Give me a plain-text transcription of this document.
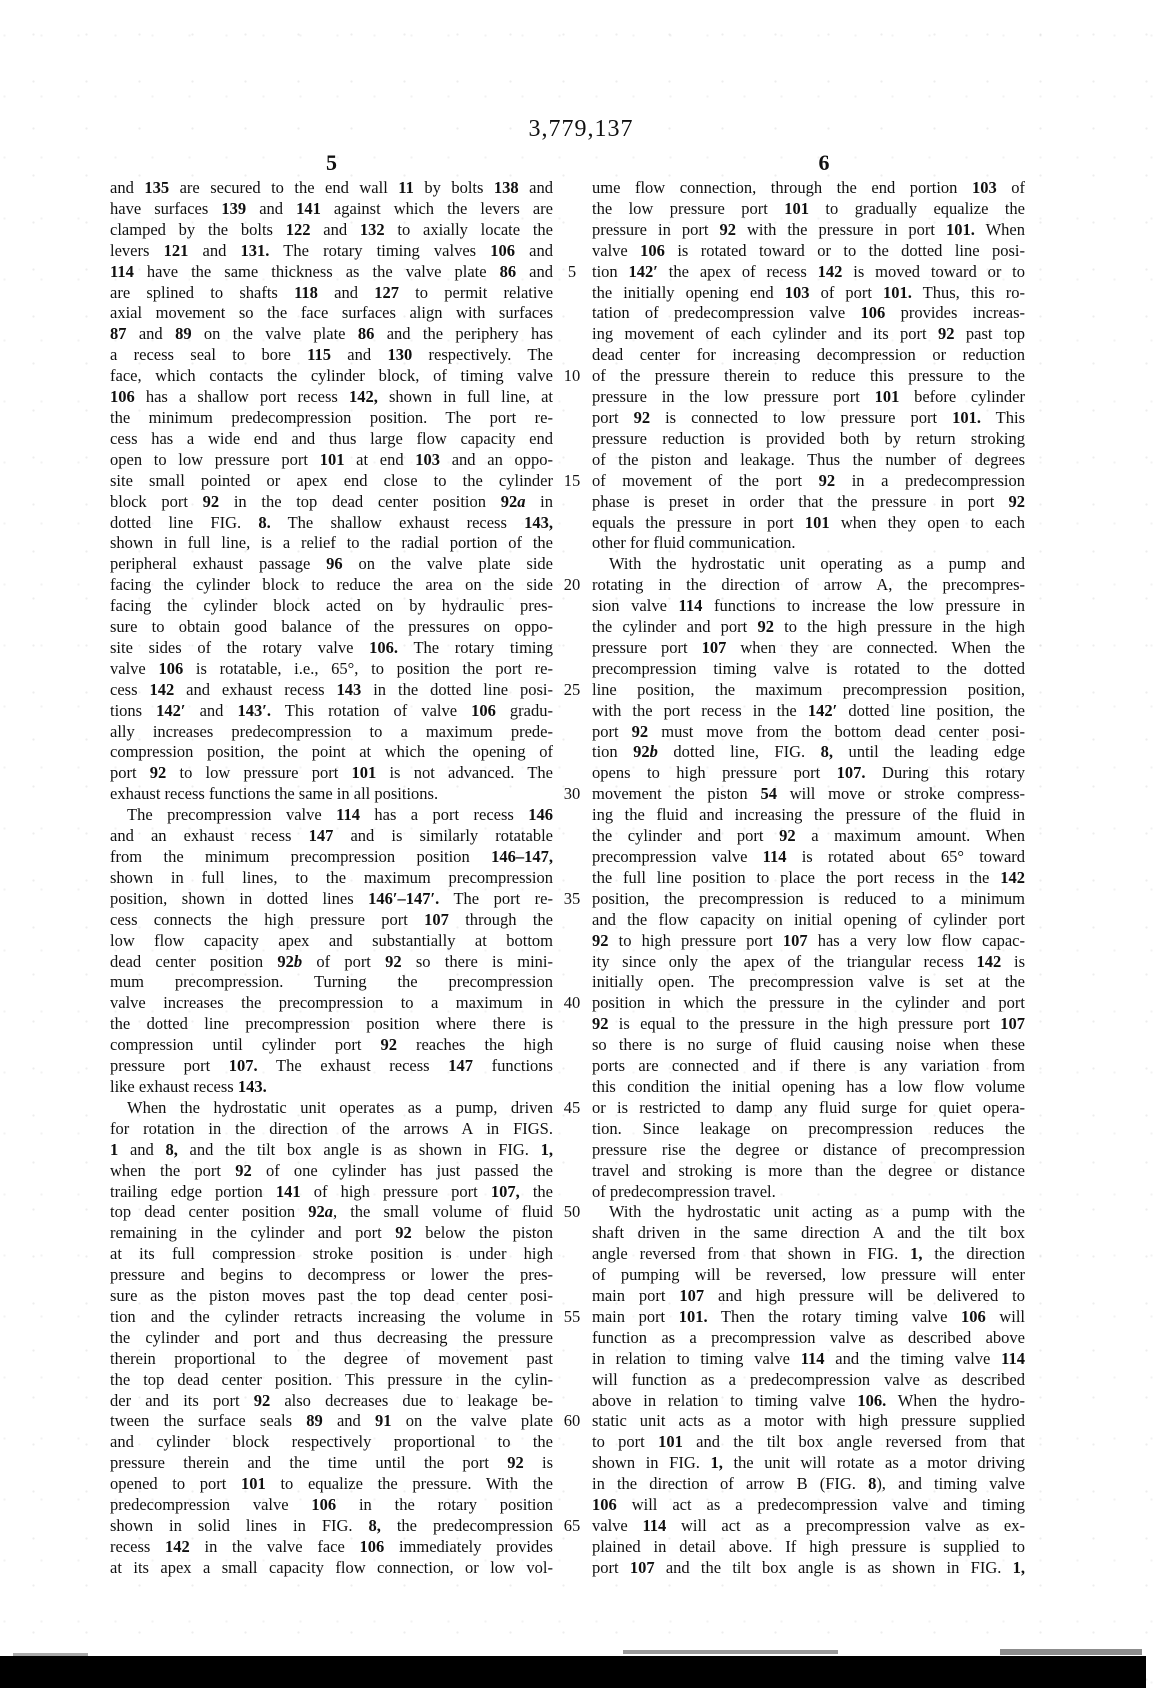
3,779,137
5	6
and 135 are secured to the end wall 11 by bolts 138 and
have surfaces 139 and 141 against which the levers are
clamped by the bolts 122 and 132 to axially locate the
levers 121 and 131. The rotary timing valves 106 and
114 have the same thickness as the valve plate 86 and
are splined to shafts 118 and 127 to permit relative
axial movement so the face surfaces align with surfaces
87 and 89 on the valve plate 86 and the periphery has
a recess seal to bore 115 and 130 respectively. The
face, which contacts the cylinder block, of timing valve
106 has a shallow port recess 142, shown in full line, at
the minimum predecompression position. The port re-
cess has a wide end and thus large flow capacity end
open to low pressure port 101 at end 103 and an oppo-
site small pointed or apex end close to the cylinder
block port 92 in the top dead center position 92a in
dotted line FIG. 8. The shallow exhaust recess 143,
shown in full line, is a relief to the radial portion of the
peripheral exhaust passage 96 on the valve plate side
facing the cylinder block to reduce the area on the side
facing the cylinder block acted on by hydraulic pres-
sure to obtain good balance of the pressures on oppo-
site sides of the rotary valve 106. The rotary timing
valve 106 is rotatable, i.e., 65°, to position the port re-
cess 142 and exhaust recess 143 in the dotted line posi-
tions 142′ and 143′. This rotation of valve 106 gradu-
ally increases predecompression to a maximum prede-
compression position, the point at which the opening of
port 92 to low pressure port 101 is not advanced. The
exhaust recess functions the same in all positions.
The precompression valve 114 has a port recess 146
and an exhaust recess 147 and is similarly rotatable
from the minimum precompression position 146–147,
shown in full lines, to the maximum precompression
position, shown in dotted lines 146′–147′. The port re-
cess connects the high pressure port 107 through the
low flow capacity apex and substantially at bottom
dead center position 92b of port 92 so there is mini-
mum precompression. Turning the precompression
valve increases the precompression to a maximum in
the dotted line precompression position where there is
compression until cylinder port 92 reaches the high
pressure port 107. The exhaust recess 147 functions
like exhaust recess 143.
When the hydrostatic unit operates as a pump, driven
for rotation in the direction of the arrows A in FIGS.
1 and 8, and the tilt box angle is as shown in FIG. 1,
when the port 92 of one cylinder has just passed the
trailing edge portion 141 of high pressure port 107, the
top dead center position 92a, the small volume of fluid
remaining in the cylinder and port 92 below the piston
at its full compression stroke position is under high
pressure and begins to decompress or lower the pres-
sure as the piston moves past the top dead center posi-
tion and the cylinder retracts increasing the volume in
the cylinder and port and thus decreasing the pressure
therein proportional to the degree of movement past
the top dead center position. This pressure in the cylin-
der and its port 92 also decreases due to leakage be-
tween the surface seals 89 and 91 on the valve plate
and cylinder block respectively proportional to the
pressure therein and the time until the port 92 is
opened to port 101 to equalize the pressure. With the
predecompression valve 106 in the rotary position
shown in solid lines in FIG. 8, the predecompression
recess 142 in the valve face 106 immediately provides
at its apex a small capacity flow connection, or low vol-
5
10
15
20
25
30
35
40
45
50
55
60
65
ume flow connection, through the end portion 103 of
the low pressure port 101 to gradually equalize the
pressure in port 92 with the pressure in port 101. When
valve 106 is rotated toward or to the dotted line posi-
tion 142′ the apex of recess 142 is moved toward or to
the initially opening end 103 of port 101. Thus, this ro-
tation of predecompression valve 106 provides increas-
ing movement of each cylinder and its port 92 past top
dead center for increasing decompression or reduction
of the pressure therein to reduce this pressure to the
pressure in the low pressure port 101 before cylinder
port 92 is connected to low pressure port 101. This
pressure reduction is provided both by return stroking
of the piston and leakage. Thus the number of degrees
of movement of the port 92 in a predecompression
phase is preset in order that the pressure in port 92
equals the pressure in port 101 when they open to each
other for fluid communication.
With the hydrostatic unit operating as a pump and
rotating in the direction of arrow A, the precompres-
sion valve 114 functions to increase the low pressure in
the cylinder and port 92 to the high pressure in the high
pressure port 107 when they are connected. When the
precompression timing valve is rotated to the dotted
line position, the maximum precompression position,
with the port recess in the 142′ dotted line position, the
port 92 must move from the bottom dead center posi-
tion 92b dotted line, FIG. 8, until the leading edge
opens to high pressure port 107. During this rotary
movement the piston 54 will move or stroke compress-
ing the fluid and increasing the pressure of the fluid in
the cylinder and port 92 a maximum amount. When
precompression valve 114 is rotated about 65° toward
the full line position to place the port recess in the 142
position, the precompression is reduced to a minimum
and the flow capacity on initial opening of cylinder port
92 to high pressure port 107 has a very low flow capac-
ity since only the apex of the triangular recess 142 is
initially open. The precompression valve is set at the
position in which the pressure in the cylinder and port
92 is equal to the pressure in the high pressure port 107
so there is no surge of fluid causing noise when these
ports are connected and if there is any variation from
this condition the initial opening has a low flow volume
or is restricted to damp any fluid surge for quiet opera-
tion. Since leakage on precompression reduces the
pressure rise the degree or distance of precompression
travel and stroking is more than the degree or distance
of predecompression travel.
With the hydrostatic unit acting as a pump with the
shaft driven in the same direction A and the tilt box
angle reversed from that shown in FIG. 1, the direction
of pumping will be reversed, low pressure will enter
main port 107 and high pressure will be delivered to
main port 101. Then the rotary timing valve 106 will
function as a precompression valve as described above
in relation to timing valve 114 and the timing valve 114
will function as a predecompression valve as described
above in relation to timing valve 106. When the hydro-
static unit acts as a motor with high pressure supplied
to port 101 and the tilt box angle reversed from that
shown in FIG. 1, the unit will rotate as a motor driving
in the direction of arrow B (FIG. 8), and timing valve
106 will act as a predecompression valve and timing
valve 114 will act as a precompression valve as ex-
plained in detail above. If high pressure is supplied to
port 107 and the tilt box angle is as shown in FIG. 1,
